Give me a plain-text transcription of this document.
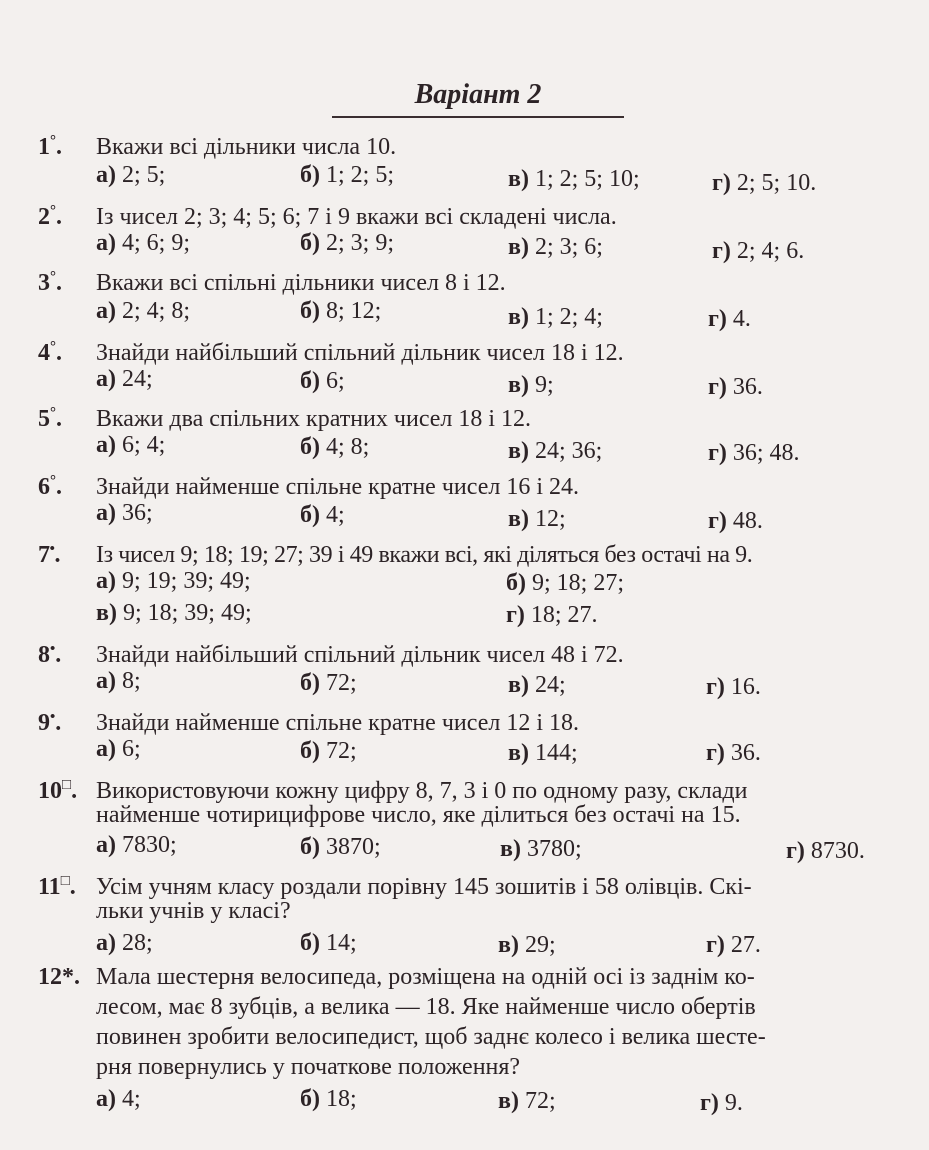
Варіант 2
1°. Вкажи всі дільники числа 10.
а) 2; 5;	б) 1; 2; 5;	в) 1; 2; 5; 10;	г) 2; 5; 10.
2°. Із чисел 2; 3; 4; 5; 6; 7 і 9 вкажи всі складені числа.
а) 4; 6; 9;	б) 2; 3; 9;	в) 2; 3; 6;	г) 2; 4; 6.
3°. Вкажи всі спільні дільники чисел 8 і 12.
а) 2; 4; 8;	б) 8; 12;	в) 1; 2; 4;	г) 4.
4°. Знайди найбільший спільний дільник чисел 18 і 12.
а) 24;	б) 6;	в) 9;	г) 36.
5°. Вкажи два спільних кратних чисел 18 і 12.
а) 6; 4;	б) 4; 8;	в) 24; 36;	г) 36; 48.
6°. Знайди найменше спільне кратне чисел 16 і 24.
а) 36;	б) 4;	в) 12;	г) 48.
7•. Із чисел 9; 18; 19; 27; 39 і 49 вкажи всі, які діляться без остачі на 9.
а) 9; 19; 39; 49;	б) 9; 18; 27;
в) 9; 18; 39; 49;	г) 18; 27.
8•. Знайди найбільший спільний дільник чисел 48 і 72.
а) 8;	б) 72;	в) 24;	г) 16.
9•. Знайди найменше спільне кратне чисел 12 і 18.
а) 6;	б) 72;	в) 144;	г) 36.
10□. Використовуючи кожну цифру 8, 7, 3 і 0 по одному разу, склади
найменше чотирицифрове число, яке ділиться без остачі на 15.
а) 7830;	б) 3870;	в) 3780;	г) 8730.
11□. Усім учням класу роздали порівну 145 зошитів і 58 олівців. Скі-
льки учнів у класі?
а) 28;	б) 14;	в) 29;	г) 27.
12*. Мала шестерня велосипеда, розміщена на одній осі із заднім ко-
лесом, має 8 зубців, а велика — 18. Яке найменше число обертів
повинен зробити велосипедист, щоб заднє колесо і велика шесте-
рня повернулись у початкове положення?
а) 4;	б) 18;	в) 72;	г) 9.
